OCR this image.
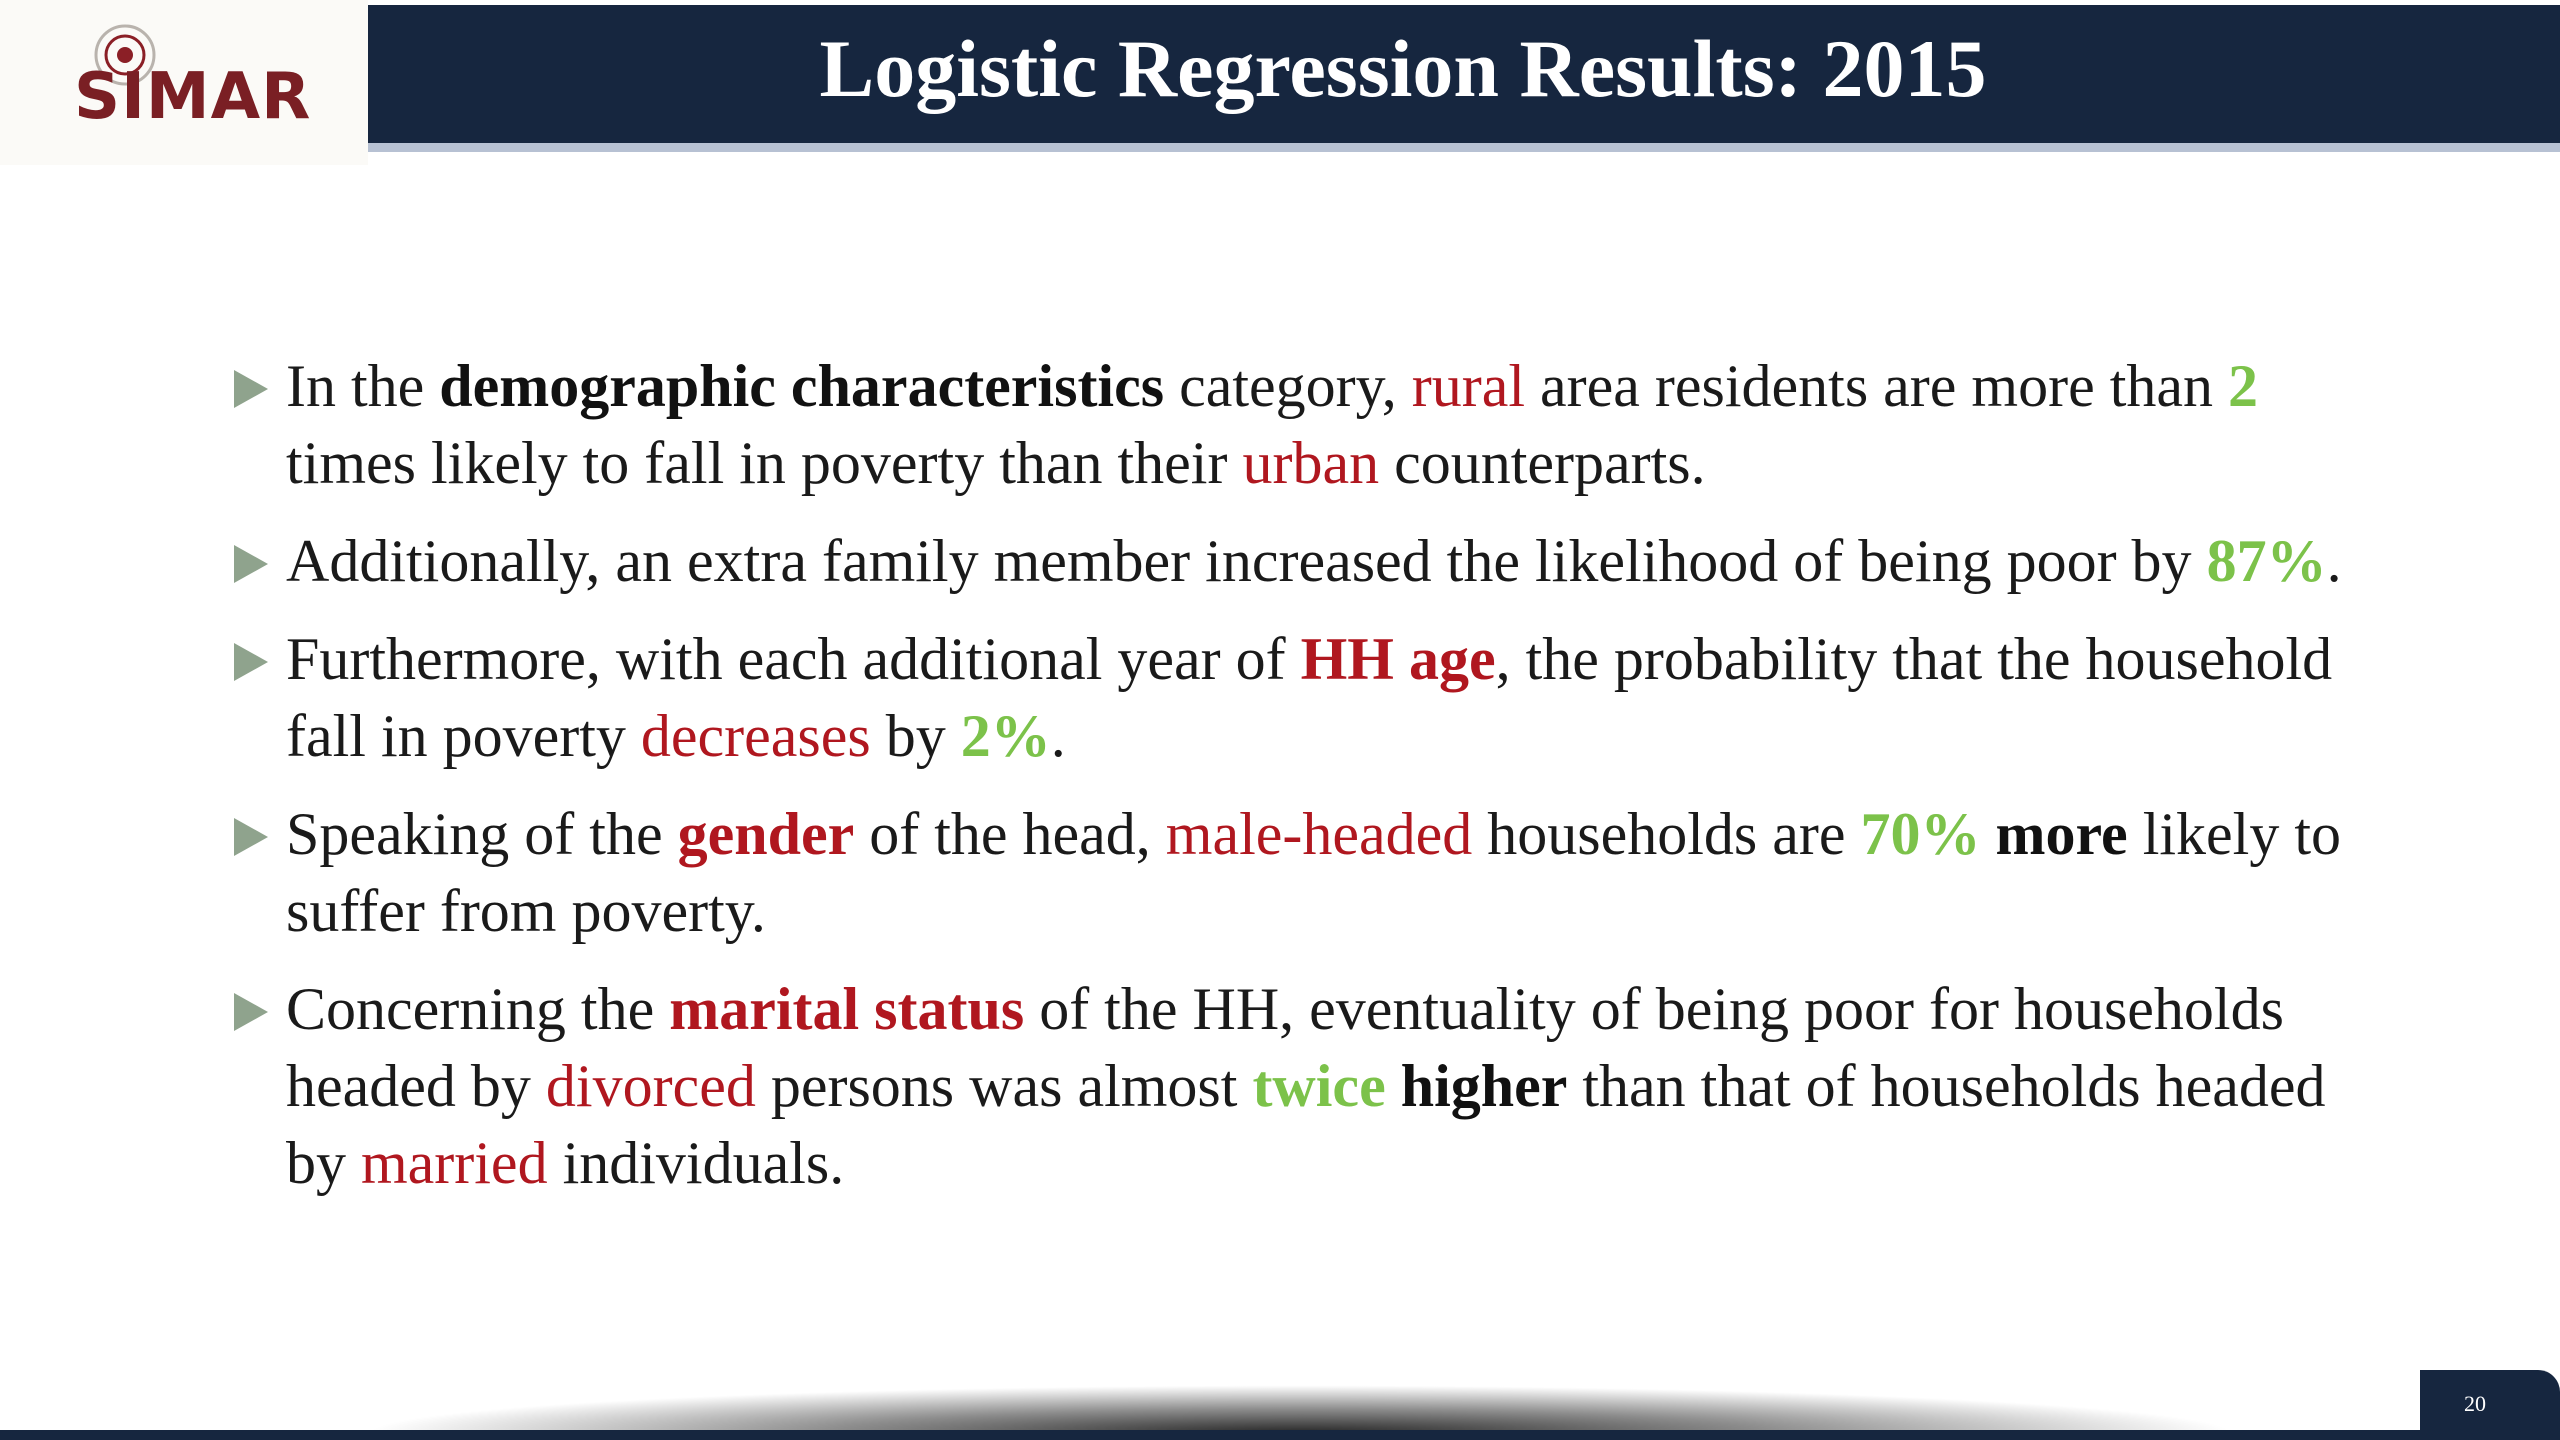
SIMAR	Logistic Regression Results: 2015
In the demographic characteristics category, rural area residents are more than 2 times likely to fall in poverty than their urban counterparts.
Additionally, an extra family member increased the likelihood of being poor by 87%.
Furthermore, with each additional year of HH age, the probability that the household fall in poverty decreases by 2%.
Speaking of the gender of the head, male-headed households are 70% more likely to suffer from poverty.
Concerning the marital status of the HH, eventuality of being poor for households headed by divorced persons was almost twice higher than that of households headed by married individuals.
20
